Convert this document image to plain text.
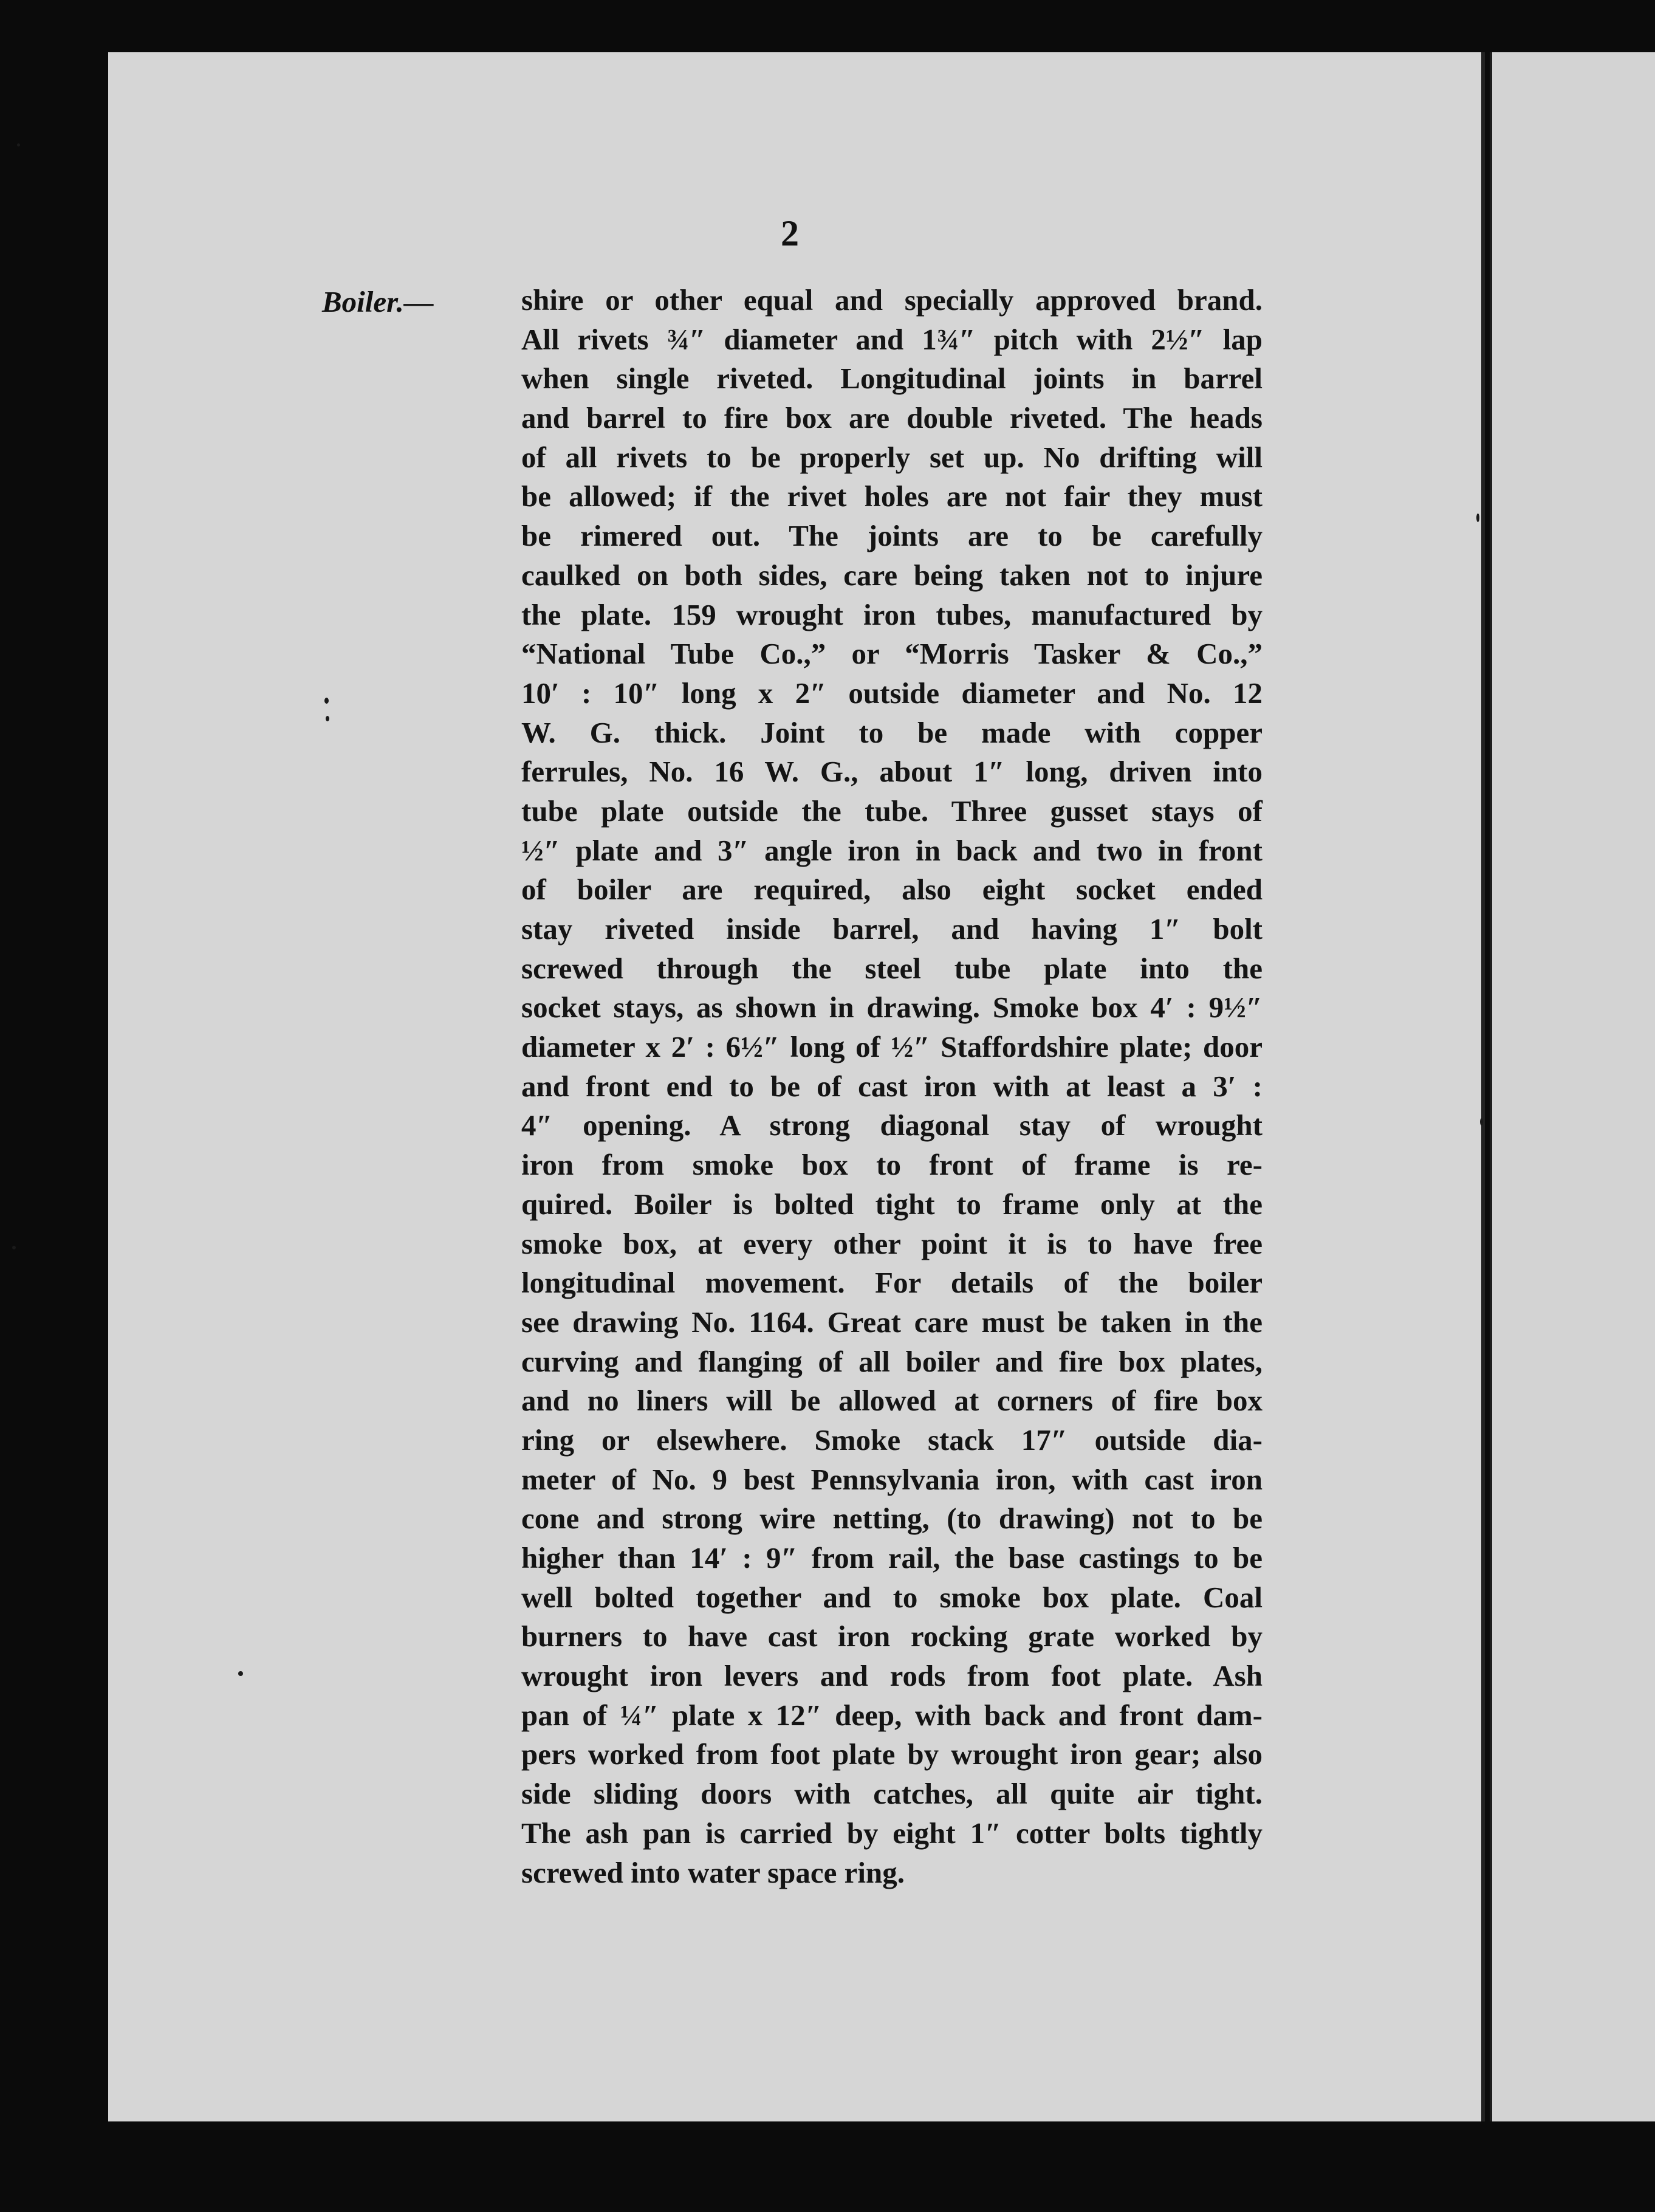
2
Boiler.—	shire or other equal and specially approved brand.
All rivets ¾″ diameter and 1¾″ pitch with 2½″ lap
when single riveted. Longitudinal joints in barrel
and barrel to fire box are double riveted. The heads
of all rivets to be properly set up. No drifting will
be allowed; if the rivet holes are not fair they must
be rimered out. The joints are to be carefully
caulked on both sides, care being taken not to injure
the plate. 159 wrought iron tubes, manufactured by
“National Tube Co.,” or “Morris Tasker & Co.,”
10′ : 10″ long x 2″ outside diameter and No. 12
W. G. thick. Joint to be made with copper
ferrules, No. 16 W. G., about 1″ long, driven into
tube plate outside the tube. Three gusset stays of
½″ plate and 3″ angle iron in back and two in front
of boiler are required, also eight socket ended
stay riveted inside barrel, and having 1″ bolt
screwed through the steel tube plate into the
socket stays, as shown in drawing. Smoke box 4′ : 9½″
diameter x 2′ : 6½″ long of ½″ Staffordshire plate; door
and front end to be of cast iron with at least a 3′ :
4″ opening. A strong diagonal stay of wrought
iron from smoke box to front of frame is re-
quired. Boiler is bolted tight to frame only at the
smoke box, at every other point it is to have free
longitudinal movement. For details of the boiler
see drawing No. 1164. Great care must be taken in the
curving and flanging of all boiler and fire box plates,
and no liners will be allowed at corners of fire box
ring or elsewhere. Smoke stack 17″ outside dia-
meter of No. 9 best Pennsylvania iron, with cast iron
cone and strong wire netting, (to drawing) not to be
higher than 14′ : 9″ from rail, the base castings to be
well bolted together and to smoke box plate. Coal
burners to have cast iron rocking grate worked by
wrought iron levers and rods from foot plate. Ash
pan of ¼″ plate x 12″ deep, with back and front dam-
pers worked from foot plate by wrought iron gear; also
side sliding doors with catches, all quite air tight.
The ash pan is carried by eight 1″ cotter bolts tightly
screwed into water space ring.
